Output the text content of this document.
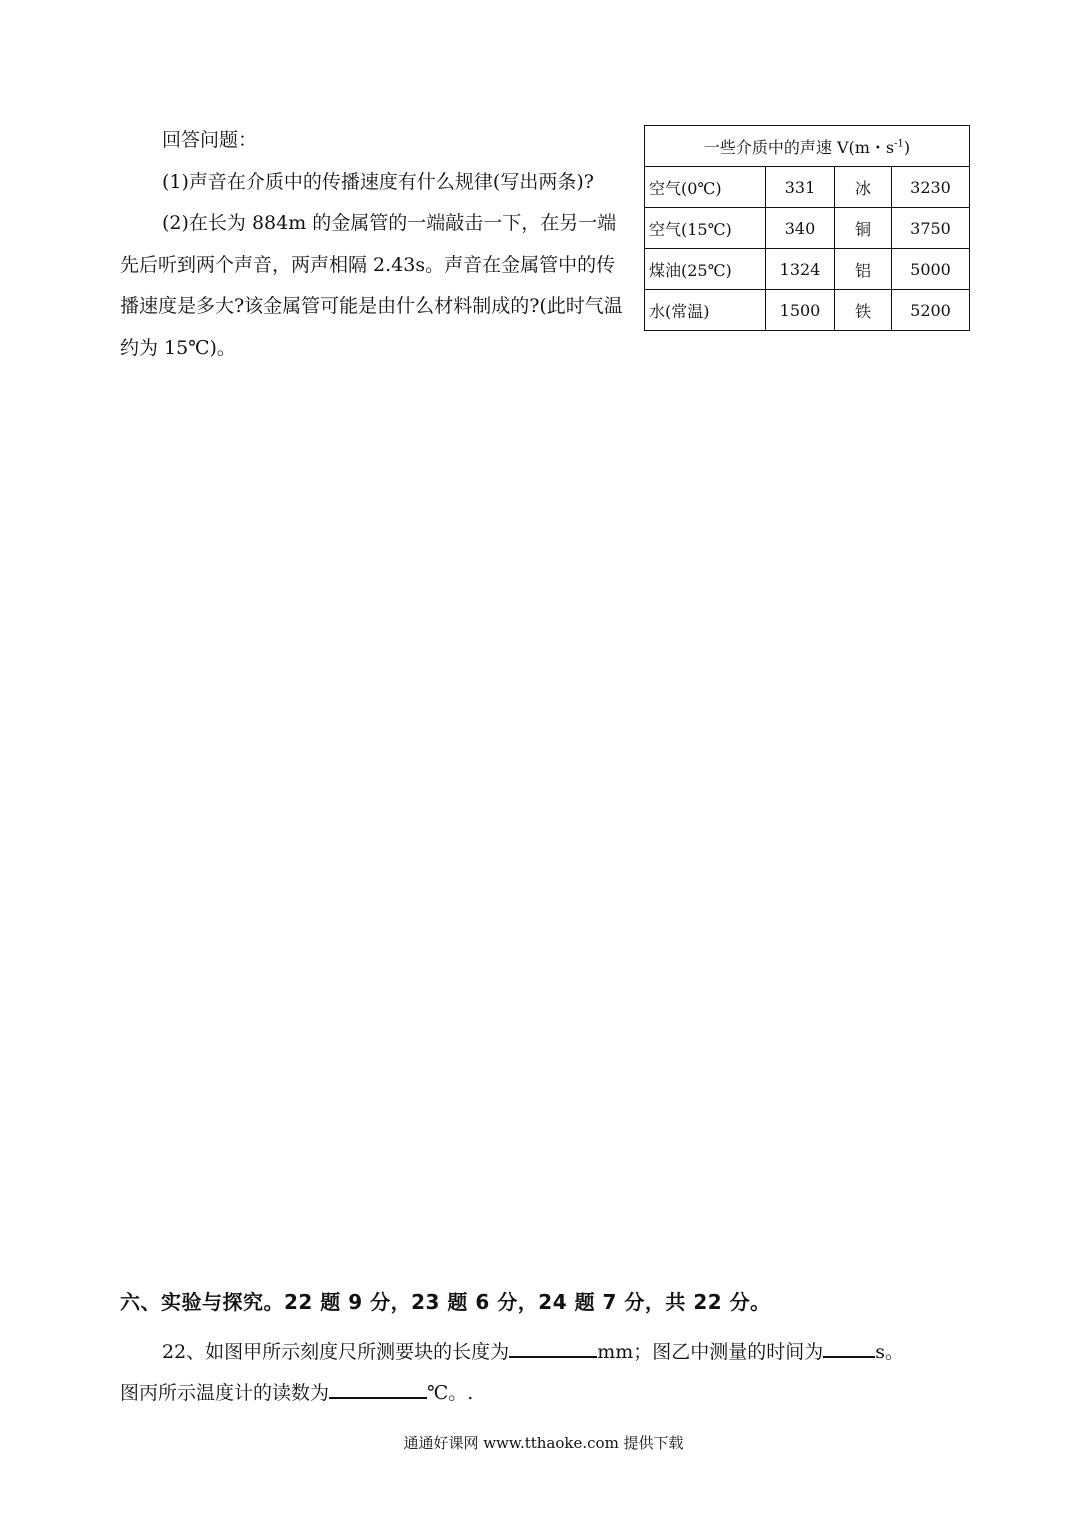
回答问题：

(1)声音在介质中的传播速度有什么规律(写出两条)?

(2)在长为 884m 的金属管的一端敲击一下，在另一端先后听到两个声音，两声相隔 2.43s。声音在金属管中的传播速度是多大?该金属管可能是由什么材料制成的?(此时气温约为 15℃)。

一些介质中的声速 V(m・$s^{-1}$)			
空气(0℃)	331	冰	3230
空气(15℃)	340	铜	3750
煤油(25℃)	1324	铝	5000
水(常温)	1500	铁	5200
六、实验与探究。22 题 9 分，23 题 6 分，24 题 7 分，共 22 分。

22、如图甲所示刻度尺所测要块的长度为	mm；图乙中测量的时间为	s。

图丙所示温度计的读数为	℃。.

通通好课网 www.tthaoke.com 提供下载
